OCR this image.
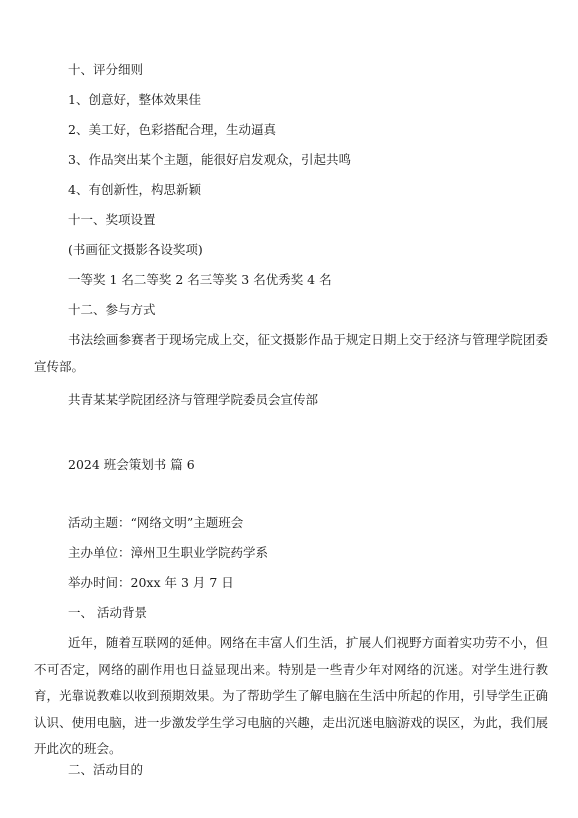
十、评分细则
1、创意好，整体效果佳
2、美工好，色彩搭配合理，生动逼真
3、作品突出某个主题，能很好启发观众，引起共鸣
4、有创新性，构思新颖
十一、奖项设置
(书画征文摄影各设奖项)
一等奖 1 名二等奖 2 名三等奖 3 名优秀奖 4 名
十二、参与方式
书法绘画参赛者于现场完成上交，征文摄影作品于规定日期上交于经济与管理学院团委宣传部。
共青某某学院团经济与管理学院委员会宣传部
2024 班会策划书 篇 6
活动主题：“网络文明”主题班会
主办单位：漳州卫生职业学院药学系
举办时间：20xx 年 3 月 7 日
一、 活动背景
近年，随着互联网的延伸。网络在丰富人们生活，扩展人们视野方面着实功劳不小，但不可否定，网络的副作用也日益显现出来。特别是一些青少年对网络的沉迷。对学生进行教育，光靠说教难以收到预期效果。为了帮助学生了解电脑在生活中所起的作用，引导学生正确认识、使用电脑，进一步激发学生学习电脑的兴趣，走出沉迷电脑游戏的误区，为此，我们展开此次的班会。
二、活动目的
